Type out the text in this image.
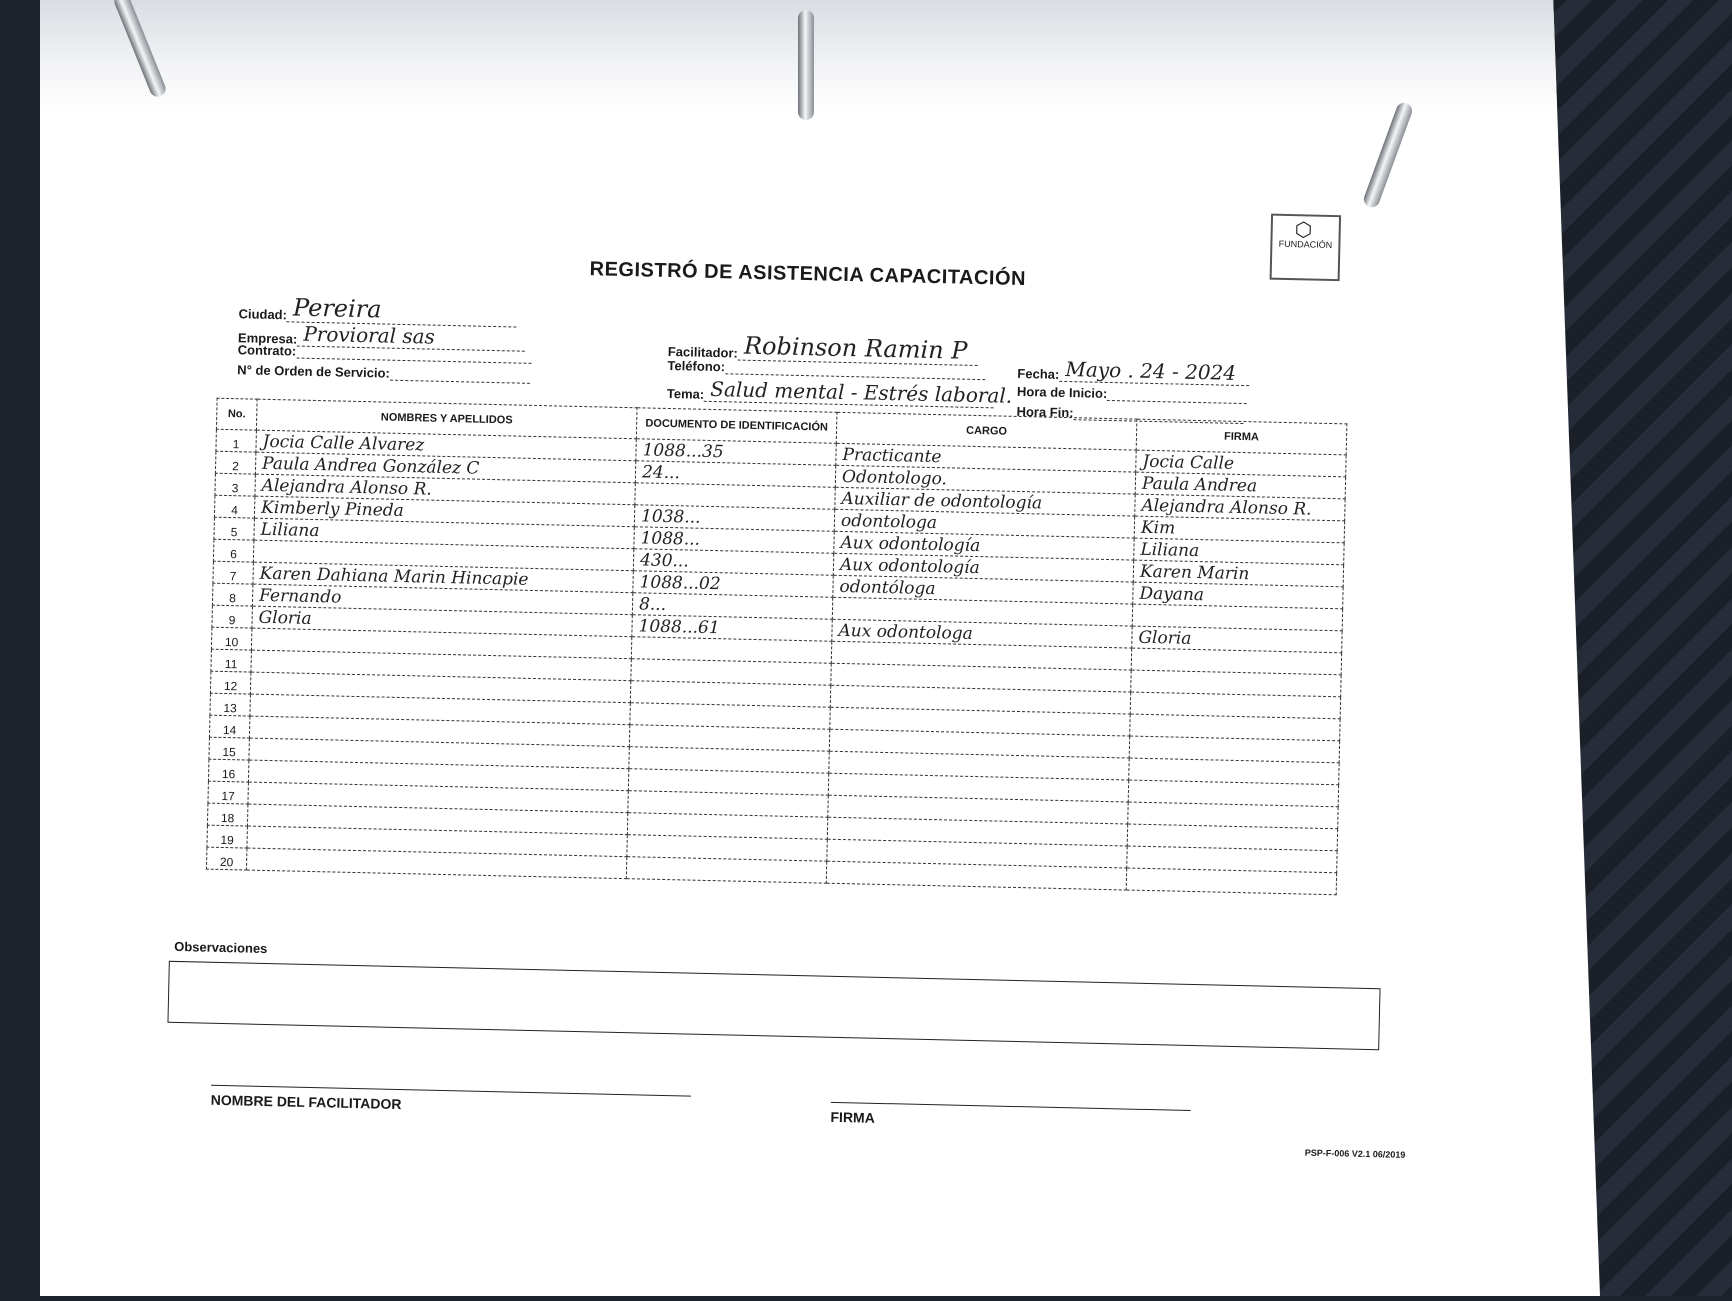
⬡
FUNDACIÓN
REGISTRÓ DE ASISTENCIA CAPACITACIÓN
Ciudad: Pereira
Empresa: Provioral sas
Contrato:
N° de Orden de Servicio:
Facilitador: Robinson Ramin P
Teléfono:
Tema: Salud mental - Estrés laboral.
Fecha: Mayo . 24 - 2024
Hora de Inicio:
Hora Fin:
No.	NOMBRES Y APELLIDOS	DOCUMENTO DE IDENTIFICACIÓN	CARGO	FIRMA
1	Jocia Calle Alvarez	1088...35	Practicante	Jocia Calle
2	Paula Andrea González C	24...	Odontologo.	Paula Andrea
3	Alejandra Alonso R.		Auxiliar de odontología	Alejandra Alonso R.
4	Kimberly Pineda	1038...	odontologa	Kim
5	Liliana	1088...	Aux odontología	Liliana
6		430...	Aux odontología	Karen Marin
7	Karen Dahiana Marin Hincapie	1088...02	odontóloga	Dayana
8	Fernando	8...		
9	Gloria	1088...61	Aux odontologa	Gloria
10				
11				
12				
13				
14				
15				
16				
17				
18				
19				
20				
Observaciones
NOMBRE DEL FACILITADOR
FIRMA
PSP-F-006 V2.1 06/2019
